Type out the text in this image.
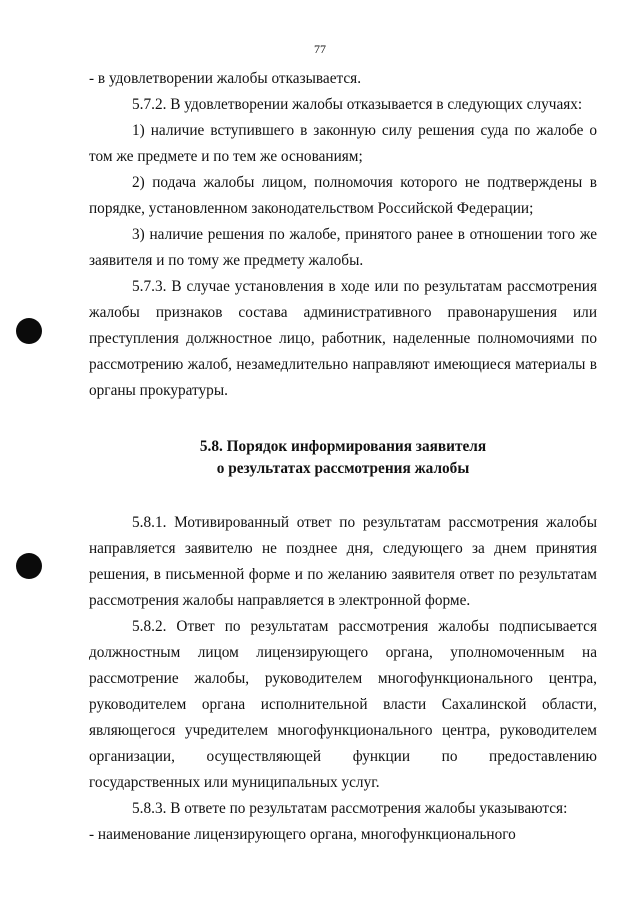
77

- в удовлетворении жалобы отказывается.

5.7.2. В удовлетворении жалобы отказывается в следующих случаях:

1) наличие вступившего в законную силу решения суда по жалобе о том же предмете и по тем же основаниям;

2) подача жалобы лицом, полномочия которого не подтверждены в порядке, установленном законодательством Российской Федерации;

3) наличие решения по жалобе, принятого ранее в отношении того же заявителя и по тому же предмету жалобы.

5.7.3. В случае установления в ходе или по результатам рассмотрения жалобы признаков состава административного правонарушения или преступления должностное лицо, работник, наделенные полномочиями по рассмотрению жалоб, незамедлительно направляют имеющиеся материалы в органы прокуратуры.

5.8. Порядок информирования заявителя

о результатах рассмотрения жалобы

5.8.1. Мотивированный ответ по результатам рассмотрения жалобы направляется заявителю не позднее дня, следующего за днем принятия решения, в письменной форме и по желанию заявителя ответ по результатам рассмотрения жалобы направляется в электронной форме.

5.8.2. Ответ по результатам рассмотрения жалобы подписывается должностным лицом лицензирующего органа, уполномоченным на рассмотрение жалобы, руководителем многофункционального центра, руководителем органа исполнительной власти Сахалинской области, являющегося учредителем многофункционального центра, руководителем организации, осуществляющей функции по предоставлению государственных или муниципальных услуг.

5.8.3. В ответе по результатам рассмотрения жалобы указываются:

- наименование лицензирующего органа, многофункционального
